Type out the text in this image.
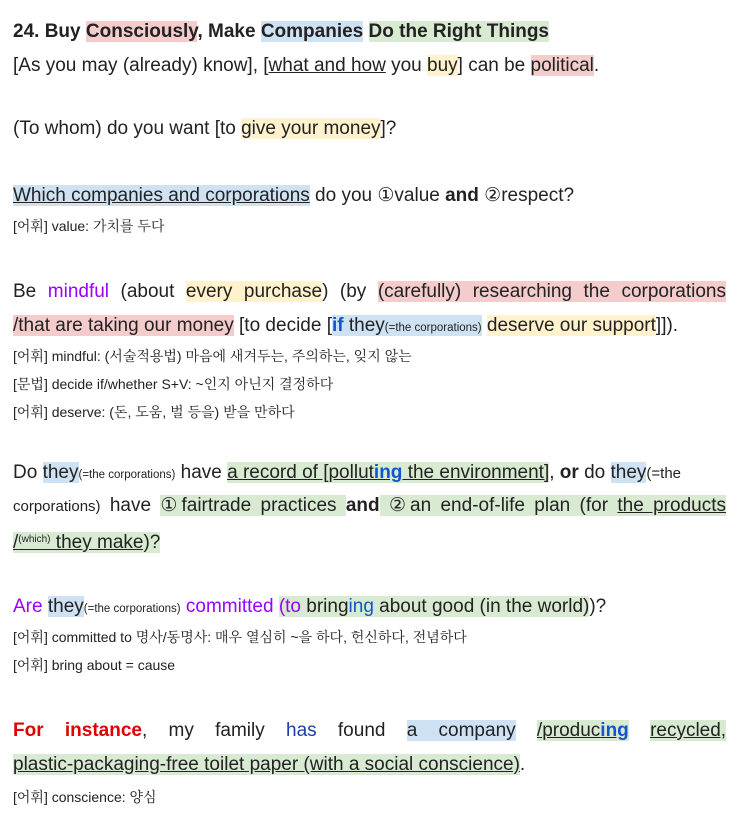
24. Buy Consciously, Make Companies Do the Right Things
[As you may (already) know], [what and how you buy] can be political.
(To whom) do you want [to give your money]?
Which companies and corporations do you ①value and ②respect?
[어휘] value: 가치를 두다
Be mindful (about every purchase) (by (carefully) researching the corporations
/that are taking our money [to decide [if they(=the corporations) deserve our support]]).
[어휘] mindful: (서술적용법) 마음에 새겨두는, 주의하는, 잊지 않는
[문법] decide if/whether S+V: ~인지 아닌지 결정하다
[어휘] deserve: (돈, 도움, 벌 등을) 받을 만하다
Do they(=the corporations) have a record of [polluting the environment], or do they(=the
corporations) have ①fairtrade practices and ②an end-of-life plan (for the products
/$^{(which)}$ they make)?
Are they(=the corporations) committed (to bringing about good (in the world))?
[어휘] committed to 명사/동명사: 매우 열심히 ~을 하다, 헌신하다, 전념하다
[어휘] bring about = cause
For instance, my family has found a company /producing recycled,
plastic-packaging-free toilet paper (with a social conscience).
[어휘] conscience: 양심
